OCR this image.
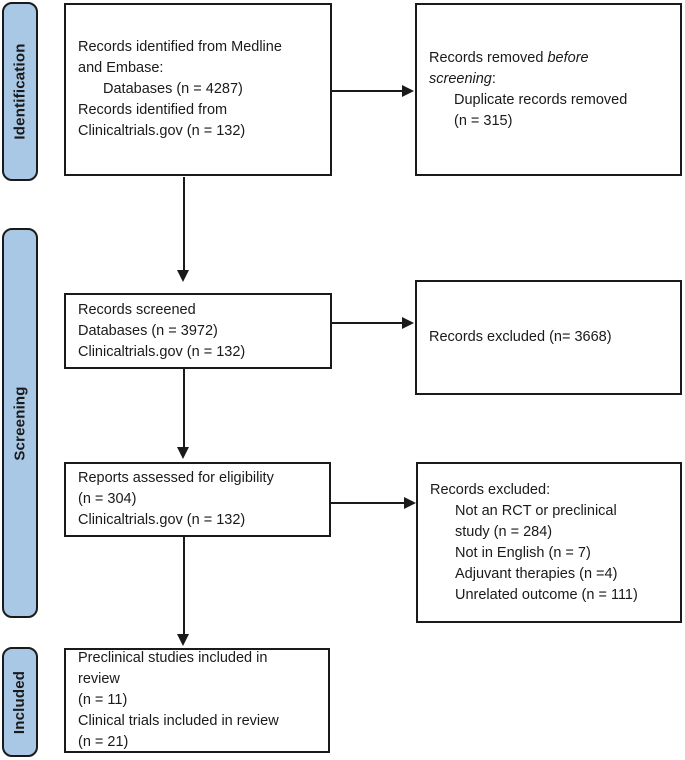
Identification
Screening
Included
Records identified from Medline
and Embase:
Databases (n = 4287)
Records identified from
Clinicaltrials.gov (n = 132)
Records removed before
screening:
Duplicate records removed
(n = 315)
Records screened
Databases (n = 3972)
Clinicaltrials.gov (n = 132)
Records excluded (n= 3668)
Reports assessed for eligibility
(n = 304)
Clinicaltrials.gov (n = 132)
Records excluded:
Not an RCT or preclinical
study (n = 284)
Not in English (n = 7)
Adjuvant therapies (n =4)
Unrelated outcome (n = 111)
Preclinical studies included in
review
(n = 11)
Clinical trials included in review
(n = 21)
